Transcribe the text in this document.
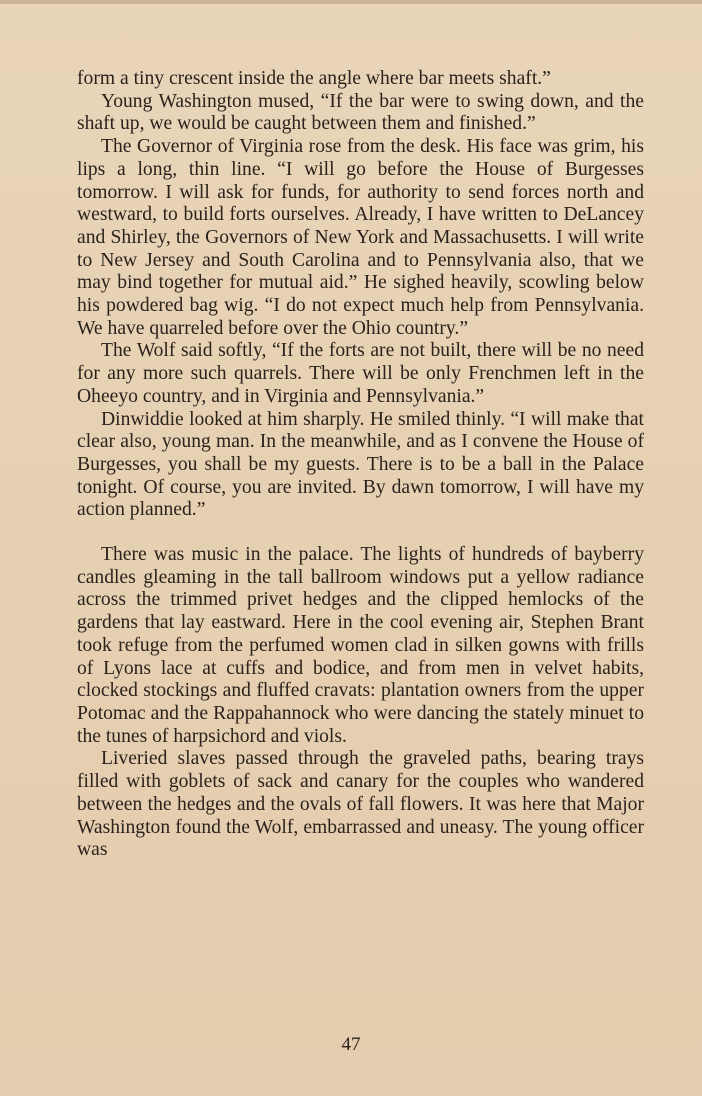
form a tiny crescent inside the angle where bar meets shaft.”

Young Washington mused, “If the bar were to swing down, and the shaft up, we would be caught between them and finished.”

The Governor of Virginia rose from the desk. His face was grim, his lips a long, thin line. “I will go before the House of Burgesses tomorrow. I will ask for funds, for authority to send forces north and westward, to build forts ourselves. Already, I have written to DeLancey and Shirley, the Governors of New York and Massachusetts. I will write to New Jersey and South Carolina and to Pennsylvania also, that we may bind together for mutual aid.” He sighed heavily, scowling below his powdered bag wig. “I do not expect much help from Pennsylvania. We have quarreled before over the Ohio country.”

The Wolf said softly, “If the forts are not built, there will be no need for any more such quarrels. There will be only Frenchmen left in the Oheeyo country, and in Virginia and Pennsylvania.”

Dinwiddie looked at him sharply. He smiled thinly. “I will make that clear also, young man. In the meanwhile, and as I convene the House of Burgesses, you shall be my guests. There is to be a ball in the Palace tonight. Of course, you are invited. By dawn tomorrow, I will have my action planned.”

There was music in the palace. The lights of hundreds of bayberry candles gleaming in the tall ballroom windows put a yellow radiance across the trimmed privet hedges and the clipped hemlocks of the gardens that lay eastward. Here in the cool evening air, Stephen Brant took refuge from the perfumed women clad in silken gowns with frills of Lyons lace at cuffs and bodice, and from men in velvet habits, clocked stockings and fluffed cravats: plantation owners from the upper Potomac and the Rappahannock who were dancing the stately minuet to the tunes of harpsichord and viols.

Liveried slaves passed through the graveled paths, bearing trays filled with goblets of sack and canary for the couples who wandered between the hedges and the ovals of fall flowers. It was here that Major Washington found the Wolf, embarrassed and uneasy. The young officer was

47
